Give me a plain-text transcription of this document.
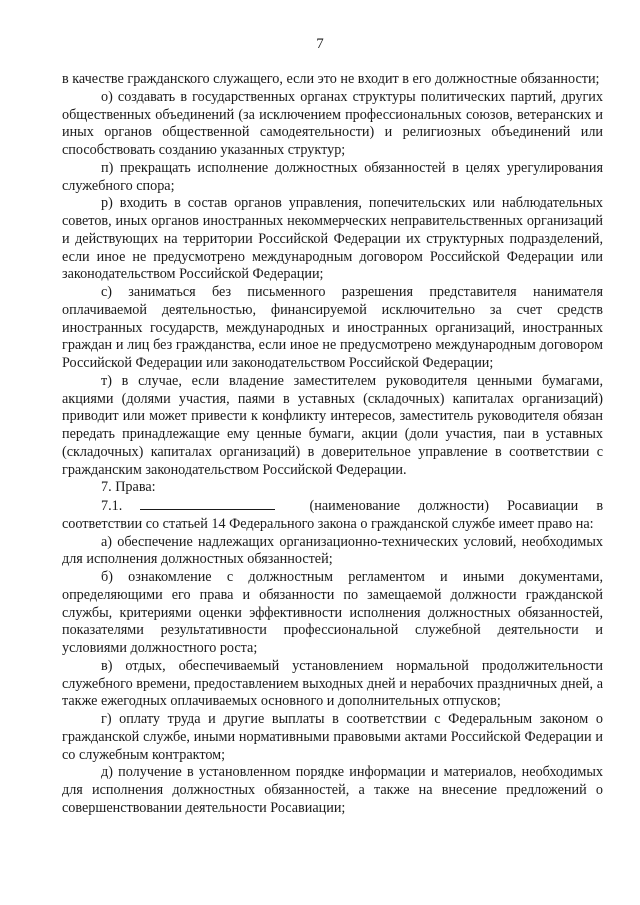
7

в качестве гражданского служащего, если это не входит в его должностные обязанности;

о) создавать в государственных органах структуры политических партий, других общественных объединений (за исключением профессиональных союзов, ветеранских и иных органов общественной самодеятельности) и религиозных объединений или способствовать созданию указанных структур;

п) прекращать исполнение должностных обязанностей в целях урегулирования служебного спора;

р) входить в состав органов управления, попечительских или наблюдательных советов, иных органов иностранных некоммерческих неправительственных организаций и действующих на территории Российской Федерации их структурных подразделений, если иное не предусмотрено международным договором Российской Федерации или законодательством Российской Федерации;

с) заниматься без письменного разрешения представителя нанимателя оплачиваемой деятельностью, финансируемой исключительно за счет средств иностранных государств, международных и иностранных организаций, иностранных граждан и лиц без гражданства, если иное не предусмотрено международным договором Российской Федерации или законодательством Российской Федерации;

т) в случае, если владение заместителем руководителя ценными бумагами, акциями (долями участия, паями в уставных (складочных) капиталах организаций) приводит или может привести к конфликту интересов, заместитель руководителя обязан передать принадлежащие ему ценные бумаги, акции (доли участия, паи в уставных (складочных) капиталах организаций) в доверительное управление в соответствии с гражданским законодательством Российской Федерации.

7. Права:

7.1.	(наименование должности) Росавиации в соответствии со статьей 14 Федерального закона о гражданской службе имеет право на:

а) обеспечение надлежащих организационно-технических условий, необходимых для исполнения должностных обязанностей;

б) ознакомление с должностным регламентом и иными документами, определяющими его права и обязанности по замещаемой должности гражданской службы, критериями оценки эффективности исполнения должностных обязанностей, показателями результативности профессиональной служебной деятельности и условиями должностного роста;

в) отдых, обеспечиваемый установлением нормальной продолжительности служебного времени, предоставлением выходных дней и нерабочих праздничных дней, а также ежегодных оплачиваемых основного и дополнительных отпусков;

г) оплату труда и другие выплаты в соответствии с Федеральным законом о гражданской службе, иными нормативными правовыми актами Российской Федерации и со служебным контрактом;

д) получение в установленном порядке информации и материалов, необходимых для исполнения должностных обязанностей, а также на внесение предложений о совершенствовании деятельности Росавиации;
